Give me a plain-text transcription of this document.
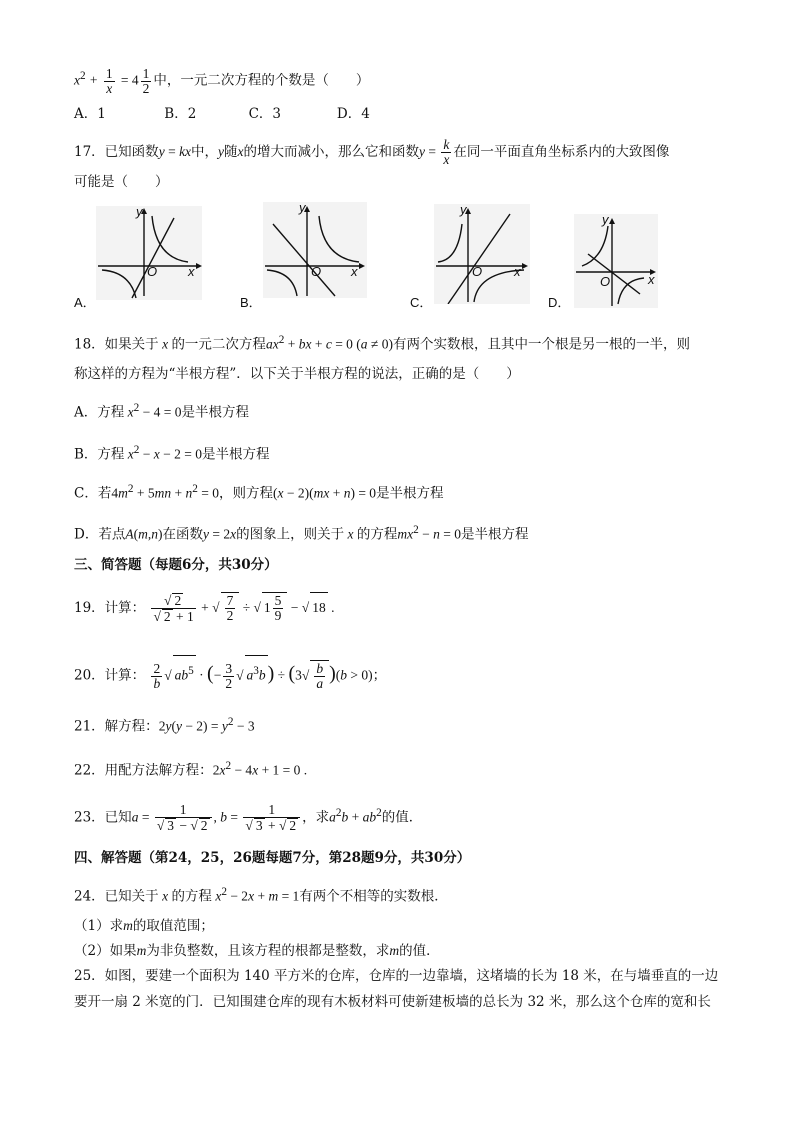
$x^2 + \frac{1}{x} = 4 \frac{1}{2}$ 中，一元二次方程的个数是（　　）
A．1	B．2	C．3	D．4
17．已知函数y = kx中，y随x的增大而减小，那么它和函数$y = \frac{k}{x}$ 在同一平面直角坐标系内的大致图像
可能是（　　）
y
x
O
A．
y
x
O
B．
y
x
O
C．
y
x
O
D．
18．如果关于 x 的一元二次方程$ax^2$ + bx + c = 0 (a ≠ 0)有两个实数根，且其中一个根是另一根的一半，则
称这样的方程为“半根方程”．以下关于半根方程的说法，正确的是（　　）
A．方程 $x^2 - 4 = 0$是半根方程
B．方程 $x^2 - x - 2 = 0$是半根方程
C．若$4m^2 + 5mn + n^2 = 0$，则方程(x − 2)(mx + n) = 0是半根方程
D．若点A(m,n)在函数y = 2x的图象上，则关于 x 的方程$mx^2 - n = 0$是半根方程
三、简答题（每题6分，共30分）
19．计算：
√ 2
√ 2 + 1 + √ $\frac{7}{2}$ ÷ √ $1 \frac{5}{9}$ − √ 18 .
20．计算： $\frac{2}{b}$
√ $ab^5$ · (− $\frac{3}{2}$
√ $a^3b$ ) ÷ $(3√ \frac{b}{a} )(b > 0)$；
21．解方程：$2y(y - 2) = y^2 - 3$
22．用配方法解方程：$2x^2 - 4x + 1 = 0$ .
23．已知a = 1
√ 3 − √ 2 , b = 1
√ 3 + √ 2 ，求$a^2b + ab^2$的值．
四、解答题（第24，25，26题每题7分，第28题9分，共30分）
24．已知关于 x 的方程 $x^2 - 2x + m = 1$有两个不相等的实数根．
（1）求m的取值范围；
（2）如果m为非负整数，且该方程的根都是整数，求m的值．
25．如图，要建一个面积为 140 平方米的仓库，仓库的一边靠墙，这堵墙的长为 18 米，在与墙垂直的一边
要开一扇 2 米宽的门．已知围建仓库的现有木板材料可使新建板墙的总长为 32 米，那么这个仓库的宽和长
